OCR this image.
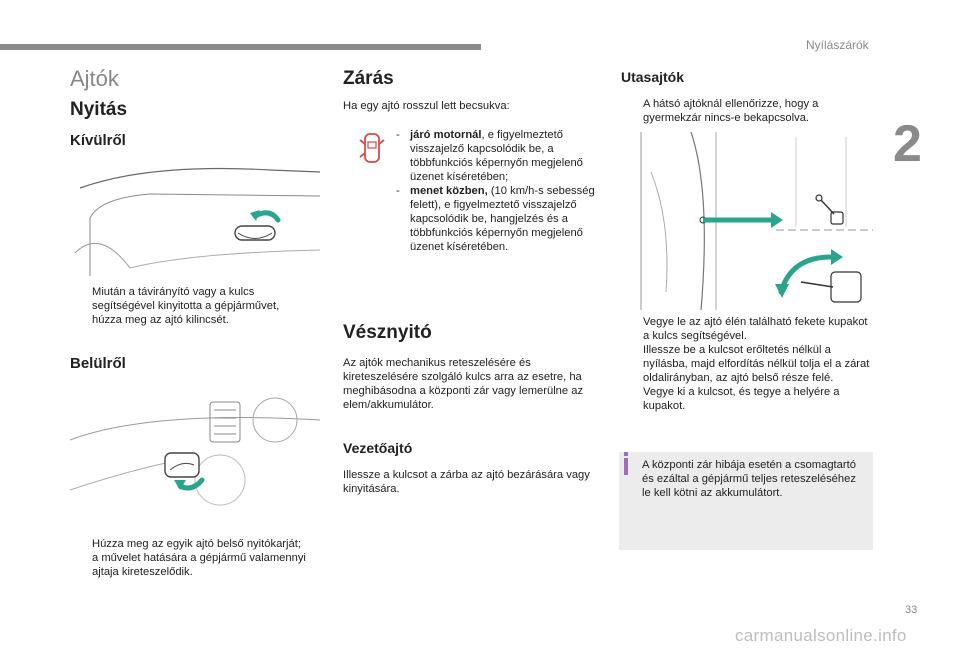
Nyílászárók
2
33
carmanualsonline.info
Ajtók
Nyitás
Kívülről
Miután a távirányító vagy a kulcs
segítségével kinyitotta a gépjárművet,
húzza meg az ajtó kilincsét.
Belülről
Húzza meg az egyik ajtó belső nyitókarját;
a művelet hatására a gépjármű valamennyi
ajtaja kireteszelődik.
Zárás
Ha egy ajtó rosszul lett becsukva:
- járó motornál, e figyelmeztető visszajelző kapcsolódik be, a többfunkciós képernyőn megjelenő üzenet kíséretében;
- menet közben, (10 km/h-s sebesség felett), e figyelmeztető visszajelző kapcsolódik be, hangjelzés és a többfunkciós képernyőn megjelenő üzenet kíséretében.
Vésznyitó
Az ajtók mechanikus reteszelésére és kireteszelésére szolgáló kulcs arra az esetre, ha meghibásodna a központi zár vagy lemerülne az elem/akkumulátor.
Vezetőajtó
Illessze a kulcsot a zárba az ajtó bezárására vagy kinyitására.
Utasajtók
A hátsó ajtóknál ellenőrizze, hogy a gyermekzár nincs-e bekapcsolva.
Vegye le az ajtó élén található fekete kupakot a kulcs segítségével.
Illessze be a kulcsot erőltetés nélkül a nyílásba, majd elfordítás nélkül tolja el a zárat oldalirányban, az ajtó belső része felé.
Vegye ki a kulcsot, és tegye a helyére a kupakot.
A központi zár hibája esetén a csomagtartó és ezáltal a gépjármű teljes reteszeléséhez le kell kötni az akkumulátort.
